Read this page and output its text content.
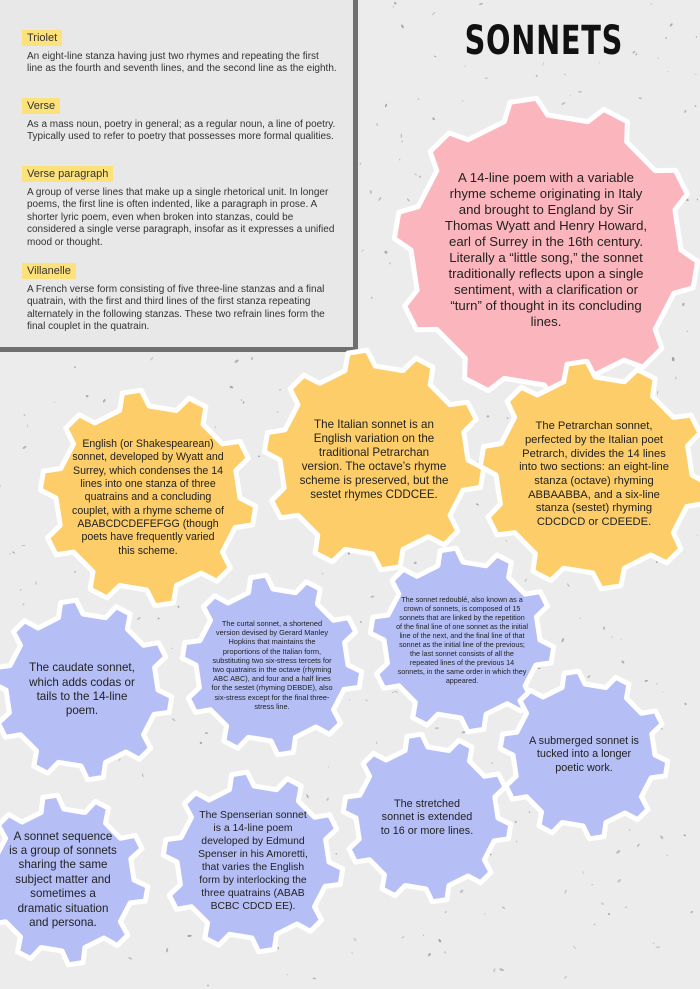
Triolet
An eight-line stanza having just two rhymes and repeating the first line as the fourth and seventh lines, and the second line as the eighth.
Verse
As a mass noun, poetry in general; as a regular noun, a line of poetry. Typically used to refer to poetry that possesses more formal qualities.
Verse paragraph
A group of verse lines that make up a single rhetorical unit. In longer poems, the first line is often indented, like a paragraph in prose. A shorter lyric poem, even when broken into stanzas, could be considered a single verse paragraph, insofar as it expresses a unified mood or thought.
Villanelle
A French verse form consisting of five three-line stanzas and a final quatrain, with the first and third lines of the first stanza repeating alternately in the following stanzas. These two refrain lines form the final couplet in the quatrain.
SONNETS
A 14-line poem with a variable rhyme scheme originating in Italy and brought to England by Sir Thomas Wyatt and Henry Howard, earl of Surrey in the 16th century. Literally a “little song,” the sonnet traditionally reflects upon a single sentiment, with a clarification or “turn” of thought in its concluding lines.
The Italian sonnet is an English variation on the traditional Petrarchan version. The octave’s rhyme scheme is preserved, but the sestet rhymes CDDCEE.
English (or Shakespearean) sonnet, developed by Wyatt and Surrey, which condenses the 14 lines into one stanza of three quatrains and a concluding couplet, with a rhyme scheme of ABABCDCDEFEFGG (though poets have frequently varied this scheme.
The Petrarchan sonnet, perfected by the Italian poet Petrarch, divides the 14 lines into two sections: an eight-line stanza (octave) rhyming ABBAABBA, and a six-line stanza (sestet) rhyming CDCDCD or CDEEDE.
The curtal sonnet, a shortened version devised by Gerard Manley Hopkins that maintains the proportions of the Italian form, substituting two six-stress tercets for two quatrains in the octave (rhyming ABC ABC), and four and a half lines for the sestet (rhyming DEBDE), also six-stress except for the final three-stress line.
The sonnet redoublé, also known as a crown of sonnets, is composed of 15 sonnets that are linked by the repetition of the final line of one sonnet as the initial line of the next, and the final line of that sonnet as the initial line of the previous; the last sonnet consists of all the repeated lines of the previous 14 sonnets, in the same order in which they appeared.
The caudate sonnet, which adds codas or tails to the 14-line poem.
A submerged sonnet is tucked into a longer poetic work.
The Spenserian sonnet is a 14-line poem developed by Edmund Spenser in his Amoretti, that varies the English form by interlocking the three quatrains (ABAB BCBC CDCD EE).
The stretched sonnet is extended to 16 or more lines.
A sonnet sequence is a group of sonnets sharing the same subject matter and sometimes a dramatic situation and persona.
